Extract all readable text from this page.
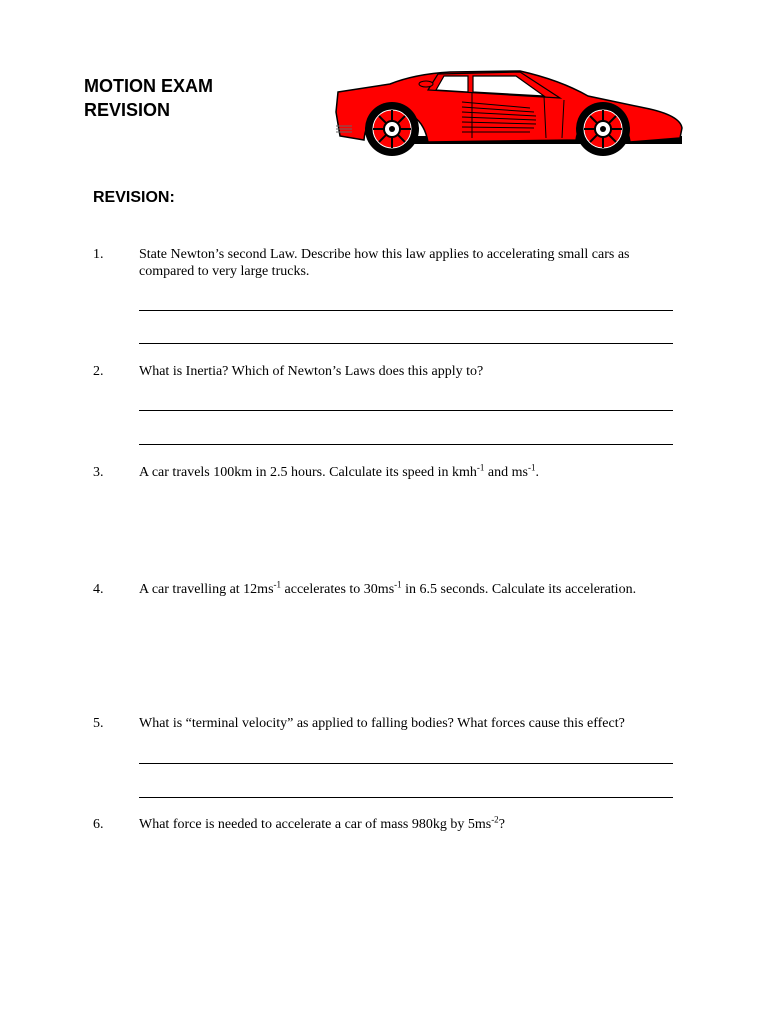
MOTION EXAM
REVISION
REVISION:
1.	State Newton’s second Law. Describe how this law applies to accelerating small cars as compared to very large trucks.
2.	What is Inertia? Which of Newton’s Laws does this apply to?
3.	A car travels 100km in 2.5 hours. Calculate its speed in kmh$^{-1}$ and $ms^{-1}$.
4.	A car travelling at $12ms^{-1}$ accelerates to $30ms^{-1}$ in 6.5 seconds. Calculate its acceleration.
5.	What is “terminal velocity” as applied to falling bodies? What forces cause this effect?
6.	What force is needed to accelerate a car of mass 980kg by $5ms^{-2}$?
